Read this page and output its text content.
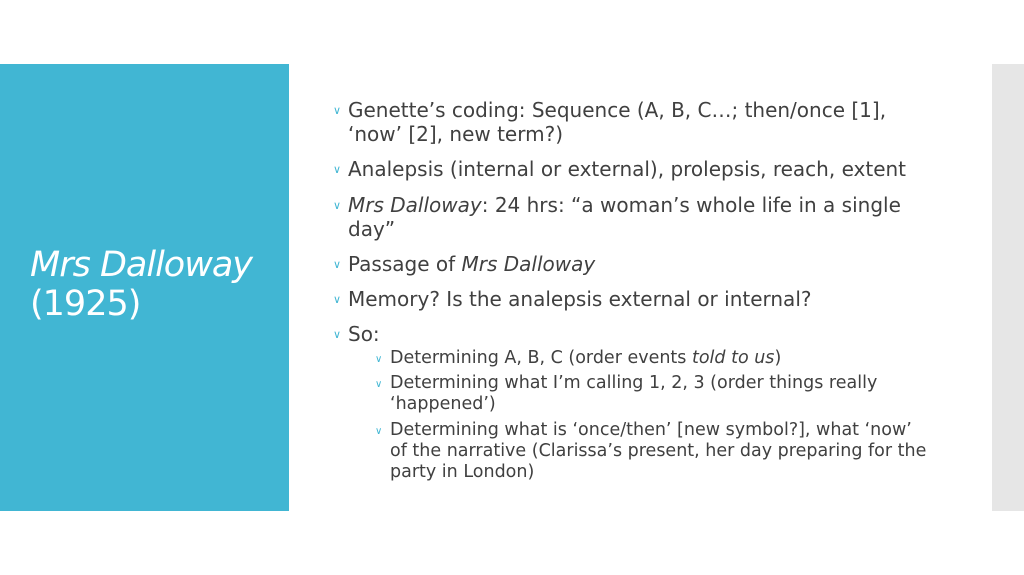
Mrs Dalloway
(1925)
∨ Genette’s coding: Sequence (A, B, C…; then/once [1], ‘now’ [2], new term?)
∨ Analepsis (internal or external), prolepsis, reach, extent
∨ Mrs Dalloway: 24 hrs: “a woman’s whole life in a single day”
∨ Passage of Mrs Dalloway
∨ Memory? Is the analepsis external or internal?
∨ So:
∨ Determining A, B, C (order events told to us)
∨ Determining what I’m calling 1, 2, 3 (order things really ‘happened’)
∨ Determining what is ‘once/then’ [new symbol?], what ‘now’ of the narrative (Clarissa’s present, her day preparing for the party in London)
